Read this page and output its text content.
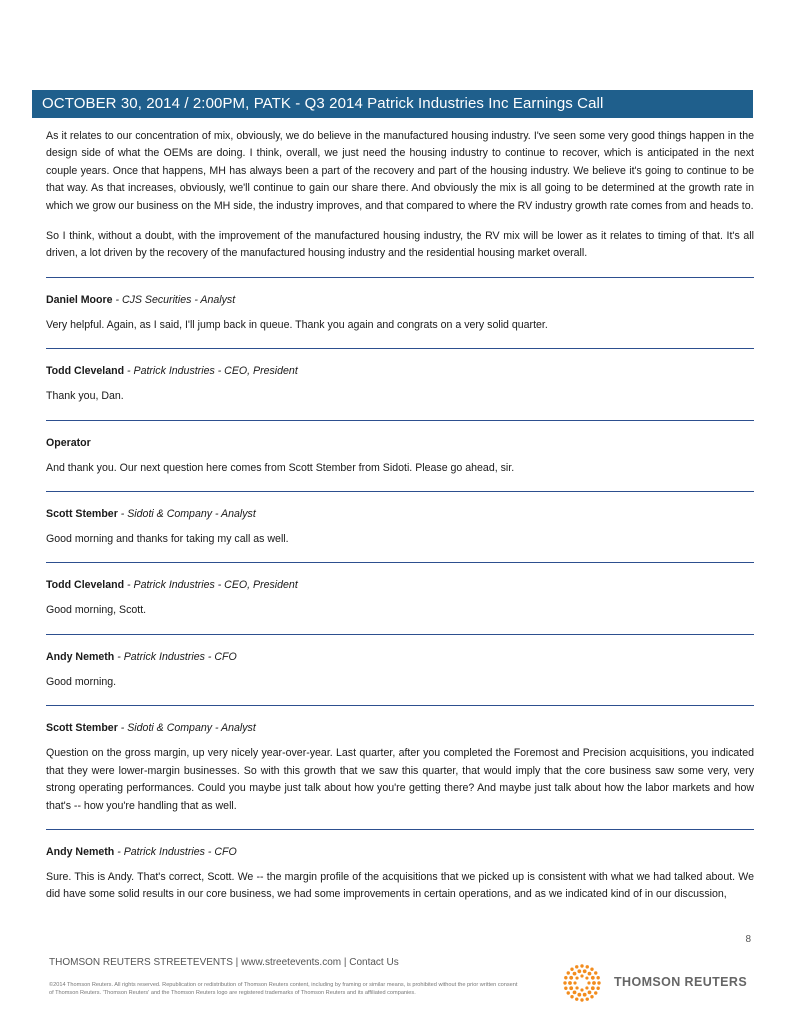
OCTOBER 30, 2014 / 2:00PM, PATK - Q3 2014 Patrick Industries Inc Earnings Call

As it relates to our concentration of mix, obviously, we do believe in the manufactured housing industry. I've seen some very good things happen in the design side of what the OEMs are doing. I think, overall, we just need the housing industry to continue to recover, which is anticipated in the next couple years. Once that happens, MH has always been a part of the recovery and part of the housing industry. We believe it's going to continue to be that way. As that increases, obviously, we'll continue to gain our share there. And obviously the mix is all going to be determined at the growth rate in which we grow our business on the MH side, the industry improves, and that compared to where the RV industry growth rate comes from and heads to.

So I think, without a doubt, with the improvement of the manufactured housing industry, the RV mix will be lower as it relates to timing of that. It's all driven, a lot driven by the recovery of the manufactured housing industry and the residential housing market overall.

Daniel Moore - CJS Securities - Analyst

Very helpful. Again, as I said, I'll jump back in queue. Thank you again and congrats on a very solid quarter.

Todd Cleveland - Patrick Industries - CEO, President

Thank you, Dan.

Operator

And thank you. Our next question here comes from Scott Stember from Sidoti. Please go ahead, sir.

Scott Stember - Sidoti & Company - Analyst

Good morning and thanks for taking my call as well.

Todd Cleveland - Patrick Industries - CEO, President

Good morning, Scott.

Andy Nemeth - Patrick Industries - CFO

Good morning.

Scott Stember - Sidoti & Company - Analyst

Question on the gross margin, up very nicely year-over-year. Last quarter, after you completed the Foremost and Precision acquisitions, you indicated that they were lower-margin businesses. So with this growth that we saw this quarter, that would imply that the core business saw some very, very strong operating performances. Could you maybe just talk about how you're getting there? And maybe just talk about how the labor markets and how that's -- how you're handling that as well.

Andy Nemeth - Patrick Industries - CFO

Sure. This is Andy. That's correct, Scott. We -- the margin profile of the acquisitions that we picked up is consistent with what we had talked about. We did have some solid results in our core business, we had some improvements in certain operations, and as we indicated kind of in our discussion,

8
THOMSON REUTERS STREETEVENTS | www.streetevents.com | Contact Us
©2014 Thomson Reuters. All rights reserved. Republication or redistribution of Thomson Reuters content, including by framing or similar means, is prohibited without the prior written consent of Thomson Reuters. 'Thomson Reuters' and the Thomson Reuters logo are registered trademarks of Thomson Reuters and its affiliated companies.
THOMSON REUTERS
